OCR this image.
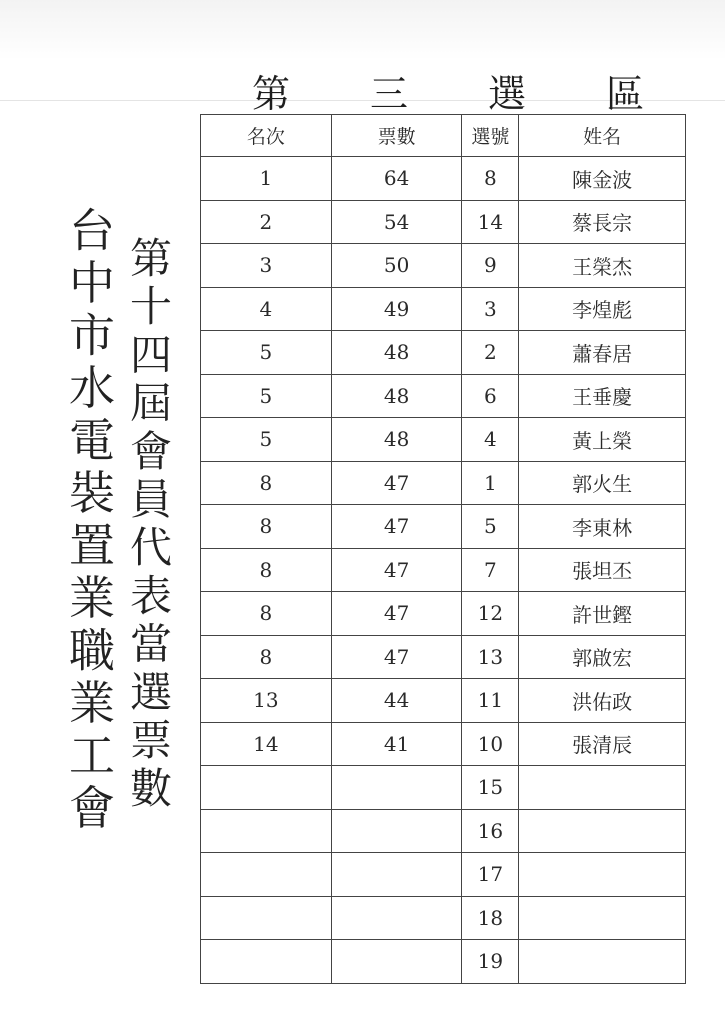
第 三 選 區
台中市水電裝置業職業工會 第十四屆會員代表當選票數
名次	票數	選號	姓名
1	64	8	陳金波
2	54	14	蔡長宗
3	50	9	王榮杰
4	49	3	李煌彪
5	48	2	蕭春居
5	48	6	王垂慶
5	48	4	黃上榮
8	47	1	郭火生
8	47	5	李東林
8	47	7	張坦丕
8	47	12	許世鏗
8	47	13	郭啟宏
13	44	11	洪佑政
14	41	10	張清辰
		15	
		16	
		17	
		18	
		19	
